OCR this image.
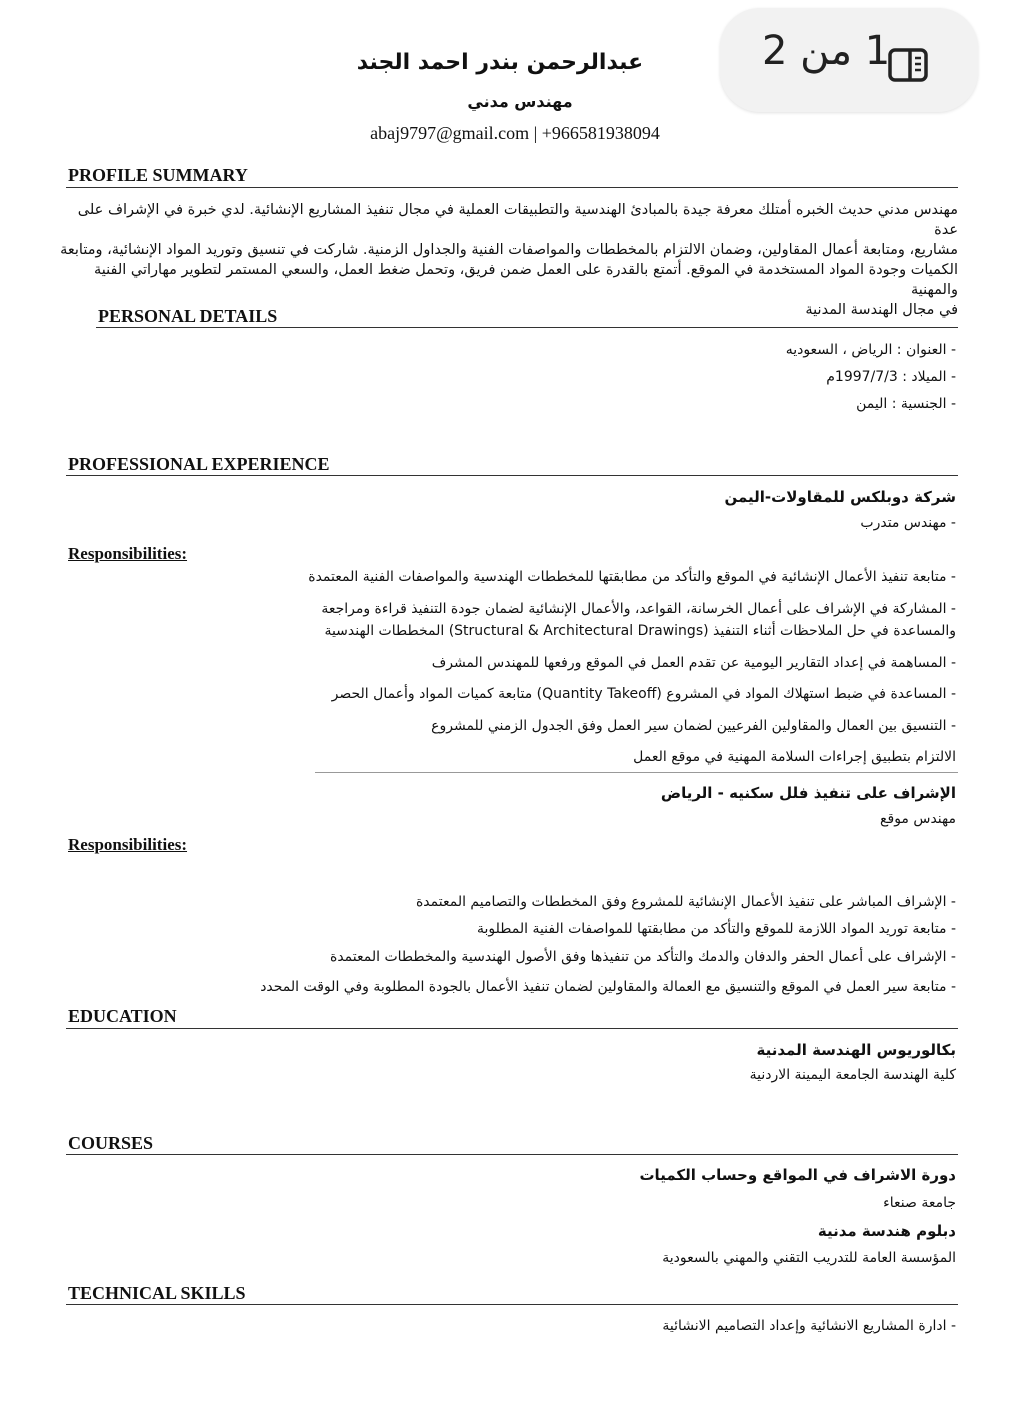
1 من 2
عبدالرحمن بندر احمد الجند
مهندس مدني
abaj9797@gmail.com | +966581938094
PROFILE SUMMARY
مهندس مدني حديث الخبره أمتلك معرفة جيدة بالمبادئ الهندسية والتطبيقات العملية في مجال تنفيذ المشاريع الإنشائية. لدي خبرة في الإشراف على عدة
مشاريع، ومتابعة أعمال المقاولين، وضمان الالتزام بالمخططات والمواصفات الفنية والجداول الزمنية. شاركت في تنسيق وتوريد المواد الإنشائية، ومتابعة
الكميات وجودة المواد المستخدمة في الموقع. أتمتع بالقدرة على العمل ضمن فريق، وتحمل ضغط العمل، والسعي المستمر لتطوير مهاراتي الفنية والمهنية
في مجال الهندسة المدنية
PERSONAL DETAILS
- العنوان : الرياض ، السعوديه
- الميلاد : 1997/7/3م
- الجنسية : اليمن
PROFESSIONAL EXPERIENCE
شركة دوبلكس للمقاولات-اليمن
- مهندس متدرب
Responsibilities:
- متابعة تنفيذ الأعمال الإنشائية في الموقع والتأكد من مطابقتها للمخططات الهندسية والمواصفات الفنية المعتمدة
- المشاركة في الإشراف على أعمال الخرسانة، القواعد، والأعمال الإنشائية لضمان جودة التنفيذ قراءة ومراجعة
والمساعدة في حل الملاحظات أثناء التنفيذ (Structural & Architectural Drawings) المخططات الهندسية
- المساهمة في إعداد التقارير اليومية عن تقدم العمل في الموقع ورفعها للمهندس المشرف
- المساعدة في ضبط استهلاك المواد في المشروع (Quantity Takeoff) متابعة كميات المواد وأعمال الحصر
- التنسيق بين العمال والمقاولين الفرعيين لضمان سير العمل وفق الجدول الزمني للمشروع
الالتزام بتطبيق إجراءات السلامة المهنية في موقع العمل
الإشراف على تنفيذ فلل سكنيه - الرياض
مهندس موقع
Responsibilities:
- الإشراف المباشر على تنفيذ الأعمال الإنشائية للمشروع وفق المخططات والتصاميم المعتمدة
- متابعة توريد المواد اللازمة للموقع والتأكد من مطابقتها للمواصفات الفنية المطلوبة
- الإشراف على أعمال الحفر والدفان والدمك والتأكد من تنفيذها وفق الأصول الهندسية والمخططات المعتمدة
- متابعة سير العمل في الموقع والتنسيق مع العمالة والمقاولين لضمان تنفيذ الأعمال بالجودة المطلوبة وفي الوقت المحدد
EDUCATION
بكالوريوس الهندسة المدنية
كلية الهندسة الجامعة اليمينة الاردنية
COURSES
دورة الاشراف في المواقع وحساب الكميات
جامعة صنعاء
دبلوم هندسة مدنية
المؤسسة العامة للتدريب التقني والمهني بالسعودية
TECHNICAL SKILLS
- ادارة المشاريع الانشائية وإعداد التصاميم الانشائية
